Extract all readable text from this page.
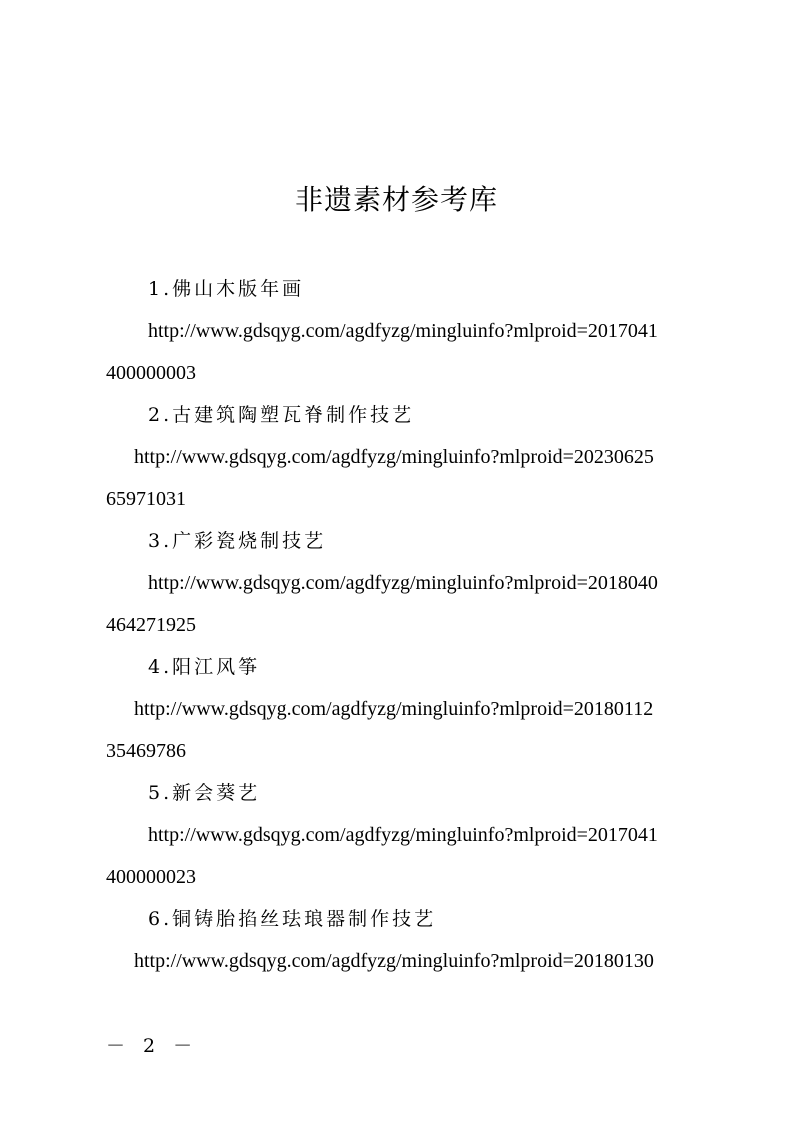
非遗素材参考库
1.佛山木版年画
http://www.gdsqyg.com/agdfyzg/mingluinfo?mlproid=2017041
400000003
2.古建筑陶塑瓦脊制作技艺
http://www.gdsqyg.com/agdfyzg/mingluinfo?mlproid=20230625
65971031
3.广彩瓷烧制技艺
http://www.gdsqyg.com/agdfyzg/mingluinfo?mlproid=2018040
464271925
4.阳江风筝
http://www.gdsqyg.com/agdfyzg/mingluinfo?mlproid=20180112
35469786
5.新会葵艺
http://www.gdsqyg.com/agdfyzg/mingluinfo?mlproid=2017041
400000023
6.铜铸胎掐丝珐琅器制作技艺
http://www.gdsqyg.com/agdfyzg/mingluinfo?mlproid=20180130
－ 2 －
